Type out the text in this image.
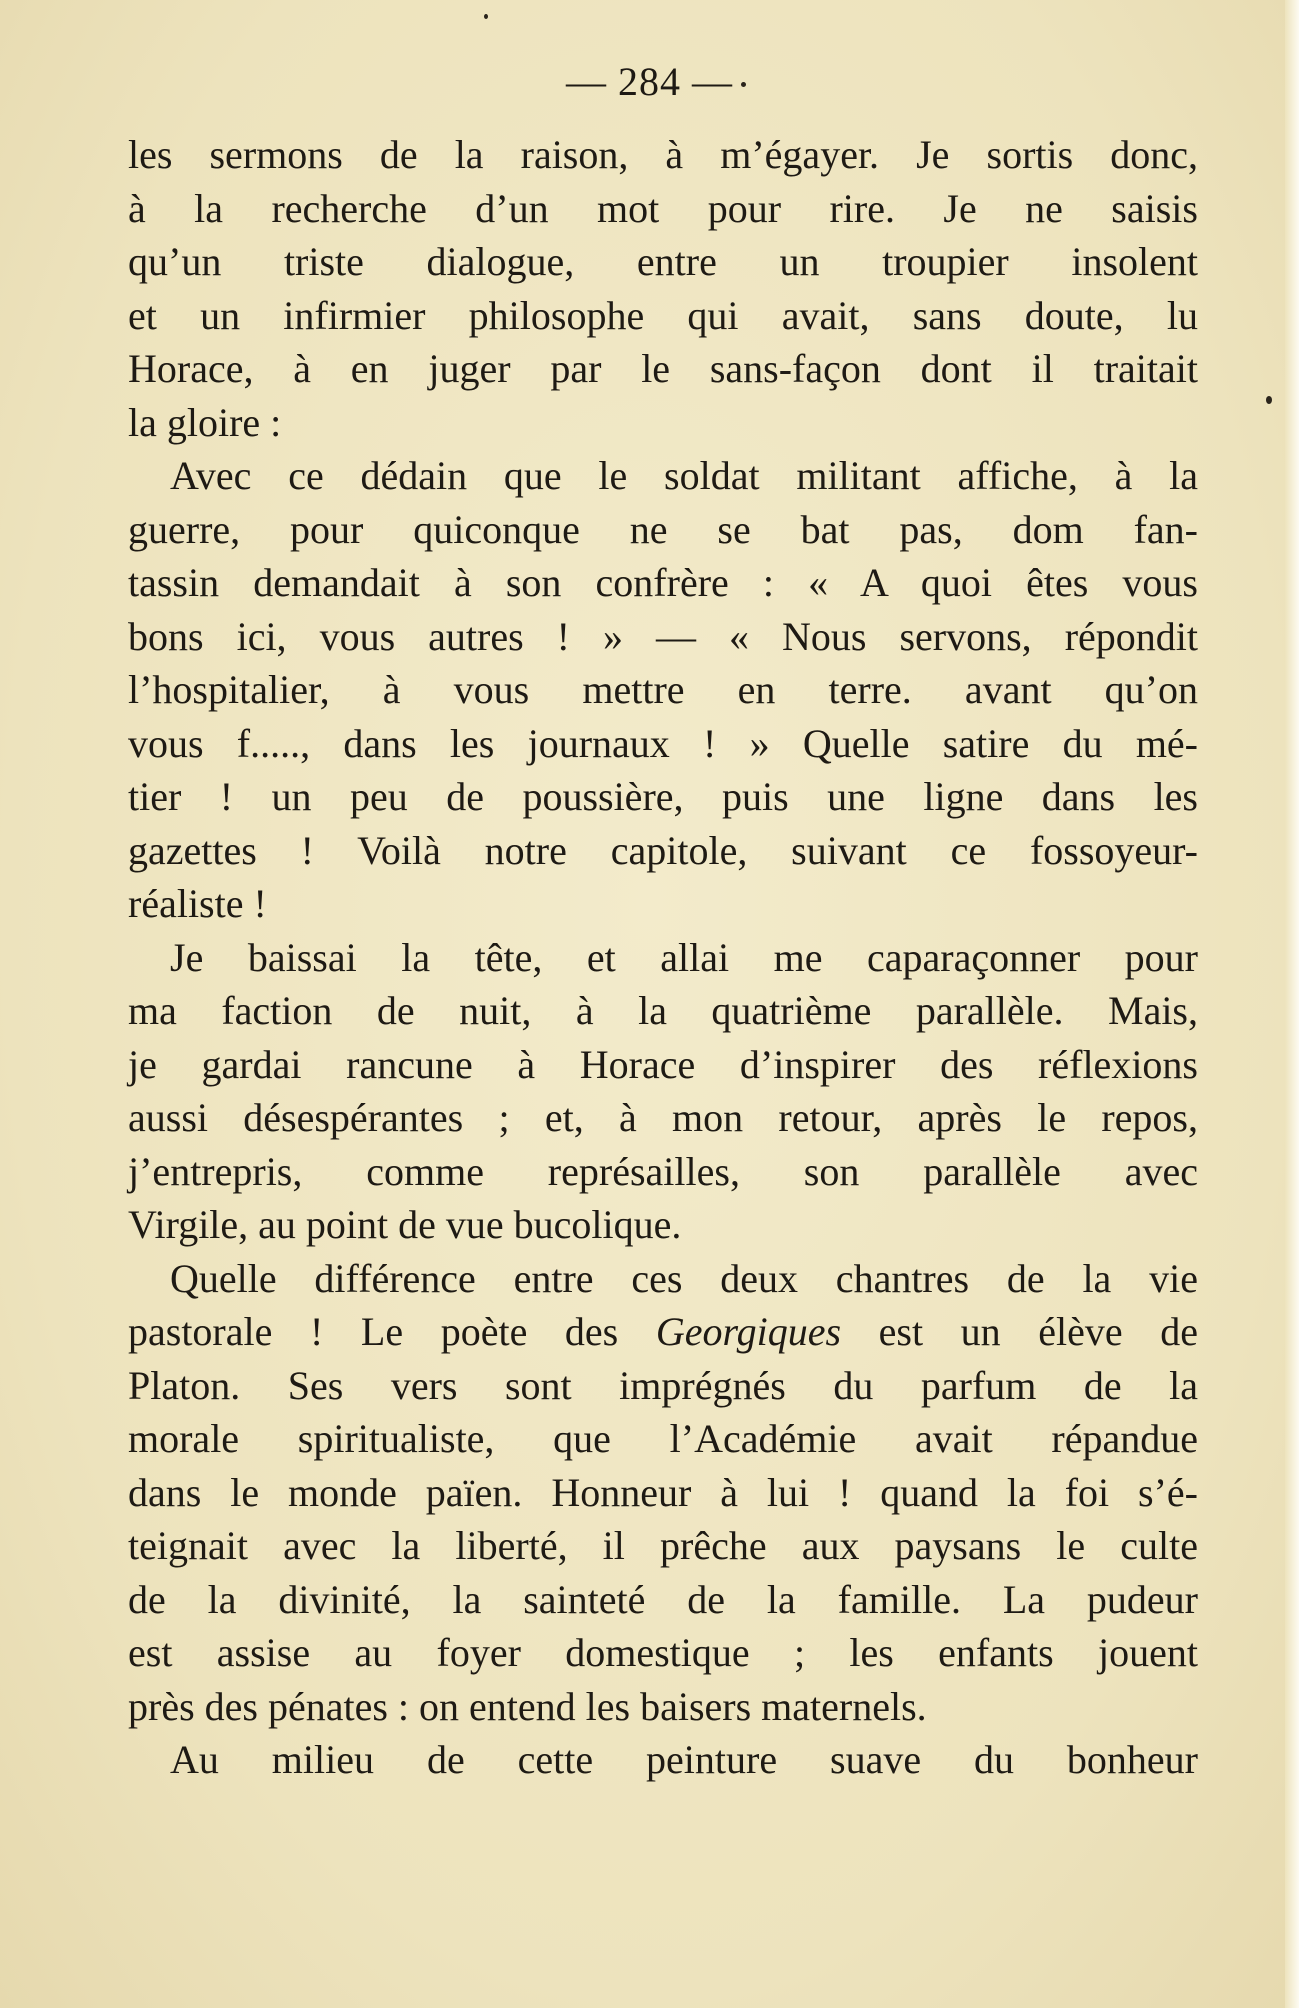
— 284 —
les sermons de la raison, à m’égayer. Je sortis donc,
à la recherche d’un mot pour rire. Je ne saisis
qu’un triste dialogue, entre un troupier insolent
et un infirmier philosophe qui avait, sans doute, lu
Horace, à en juger par le sans-façon dont il traitait
la gloire :
Avec ce dédain que le soldat militant affiche, à la
guerre, pour quiconque ne se bat pas, dom fan-
tassin demandait à son confrère : « A quoi êtes vous
bons ici, vous autres ! » — « Nous servons, répondit
l’hospitalier, à vous mettre en terre. avant qu’on
vous f....., dans les journaux ! » Quelle satire du mé-
tier ! un peu de poussière, puis une ligne dans les
gazettes ! Voilà notre capitole, suivant ce fossoyeur-
réaliste !
Je baissai la tête, et allai me caparaçonner pour
ma faction de nuit, à la quatrième parallèle. Mais,
je gardai rancune à Horace d’inspirer des réflexions
aussi désespérantes ; et, à mon retour, après le repos,
j’entrepris, comme représailles, son parallèle avec
Virgile, au point de vue bucolique.
Quelle différence entre ces deux chantres de la vie
pastorale ! Le poète des Georgiques est un élève de
Platon. Ses vers sont imprégnés du parfum de la
morale spiritualiste, que l’Académie avait répandue
dans le monde païen. Honneur à lui ! quand la foi s’é-
teignait avec la liberté, il prêche aux paysans le culte
de la divinité, la sainteté de la famille. La pudeur
est assise au foyer domestique ; les enfants jouent
près des pénates : on entend les baisers maternels.
Au milieu de cette peinture suave du bonheur
